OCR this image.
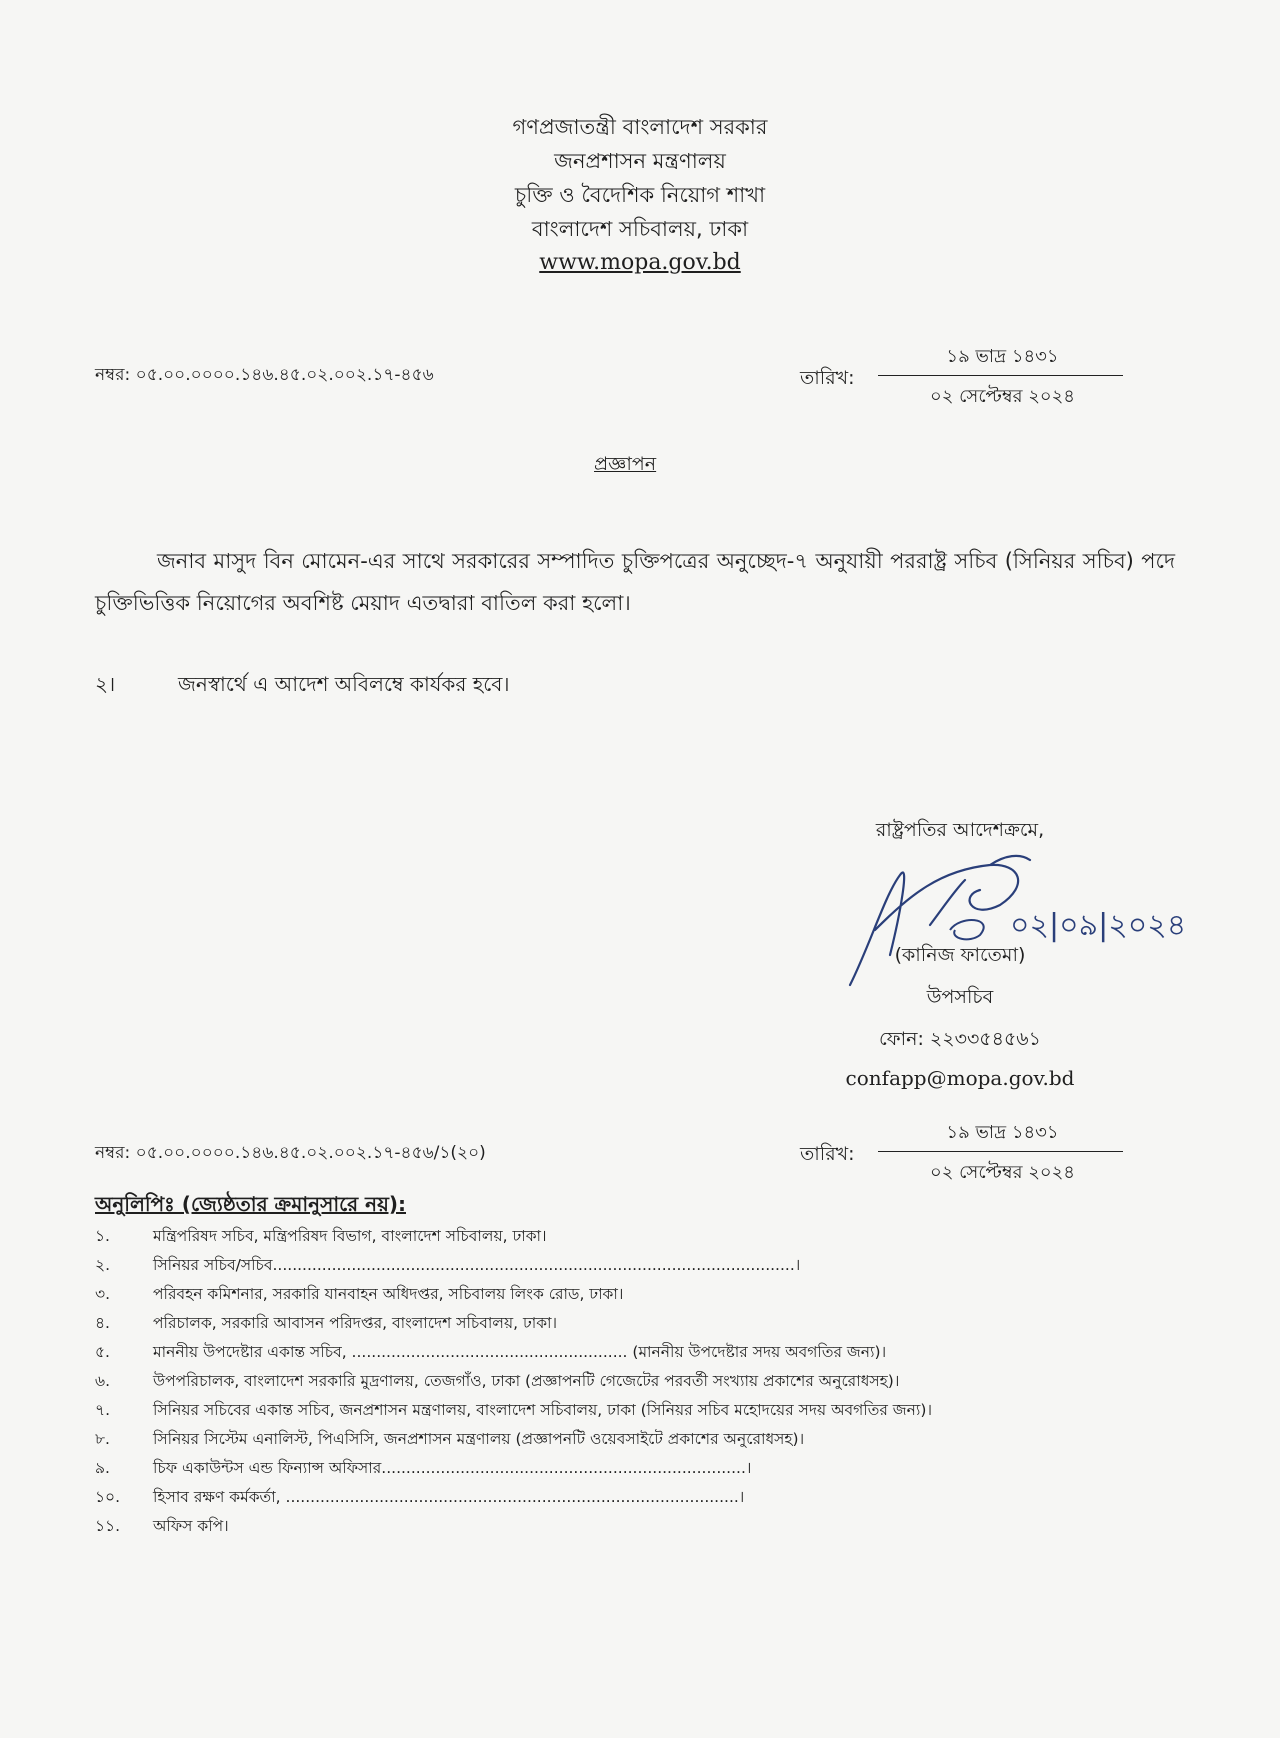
গণপ্রজাতন্ত্রী বাংলাদেশ সরকার
জনপ্রশাসন মন্ত্রণালয়
চুক্তি ও বৈদেশিক নিয়োগ শাখা
বাংলাদেশ সচিবালয়, ঢাকা
www.mopa.gov.bd
নম্বর: ০৫.০০.০০০০.১৪৬.৪৫.০২.০০২.১৭-৪৫৬	তারিখ:
১৯ ভাদ্র ১৪৩১
০২ সেপ্টেম্বর ২০২৪
প্রজ্ঞাপন
জনাব মাসুদ বিন মোমেন-এর সাথে সরকারের সম্পাদিত চুক্তিপত্রের অনুচ্ছেদ-৭ অনুযায়ী পররাষ্ট্র সচিব (সিনিয়র সচিব) পদে চুক্তিভিত্তিক নিয়োগের অবশিষ্ট মেয়াদ এতদ্বারা বাতিল করা হলো।
২।	জনস্বার্থে এ আদেশ অবিলম্বে কার্যকর হবে।
রাষ্ট্রপতির আদেশক্রমে,
০২|০৯|২০২৪
(কানিজ ফাতেমা)
উপসচিব
ফোন: ২২৩৩৫৪৫৬১
confapp@mopa.gov.bd
নম্বর: ০৫.০০.০০০০.১৪৬.৪৫.০২.০০২.১৭-৪৫৬/১(২০)	তারিখ:
১৯ ভাদ্র ১৪৩১
০২ সেপ্টেম্বর ২০২৪
অনুলিপিঃ (জ্যেষ্ঠতার ক্রমানুসারে নয়):
১.	মন্ত্রিপরিষদ সচিব, মন্ত্রিপরিষদ বিভাগ, বাংলাদেশ সচিবালয়, ঢাকা।
২.	সিনিয়র সচিব/সচিব..........................................................................................................।
৩.	পরিবহন কমিশনার, সরকারি যানবাহন অধিদপ্তর, সচিবালয় লিংক রোড, ঢাকা।
৪.	পরিচালক, সরকারি আবাসন পরিদপ্তর, বাংলাদেশ সচিবালয়, ঢাকা।
৫.	মাননীয় উপদেষ্টার একান্ত সচিব, ........................................................ (মাননীয় উপদেষ্টার সদয় অবগতির জন্য)।
৬.	উপপরিচালক, বাংলাদেশ সরকারি মুদ্রণালয়, তেজগাঁও, ঢাকা (প্রজ্ঞাপনটি গেজেটের পরবর্তী সংখ্যায় প্রকাশের অনুরোধসহ)।
৭.	সিনিয়র সচিবের একান্ত সচিব, জনপ্রশাসন মন্ত্রণালয়, বাংলাদেশ সচিবালয়, ঢাকা (সিনিয়র সচিব মহোদয়ের সদয় অবগতির জন্য)।
৮.	সিনিয়র সিস্টেম এনালিস্ট, পিএসিসি, জনপ্রশাসন মন্ত্রণালয় (প্রজ্ঞাপনটি ওয়েবসাইটে প্রকাশের অনুরোধসহ)।
৯.	চিফ একাউন্টস এন্ড ফিন্যান্স অফিসার..........................................................................।
১০.	হিসাব রক্ষণ কর্মকর্তা, ............................................................................................।
১১.	অফিস কপি।
